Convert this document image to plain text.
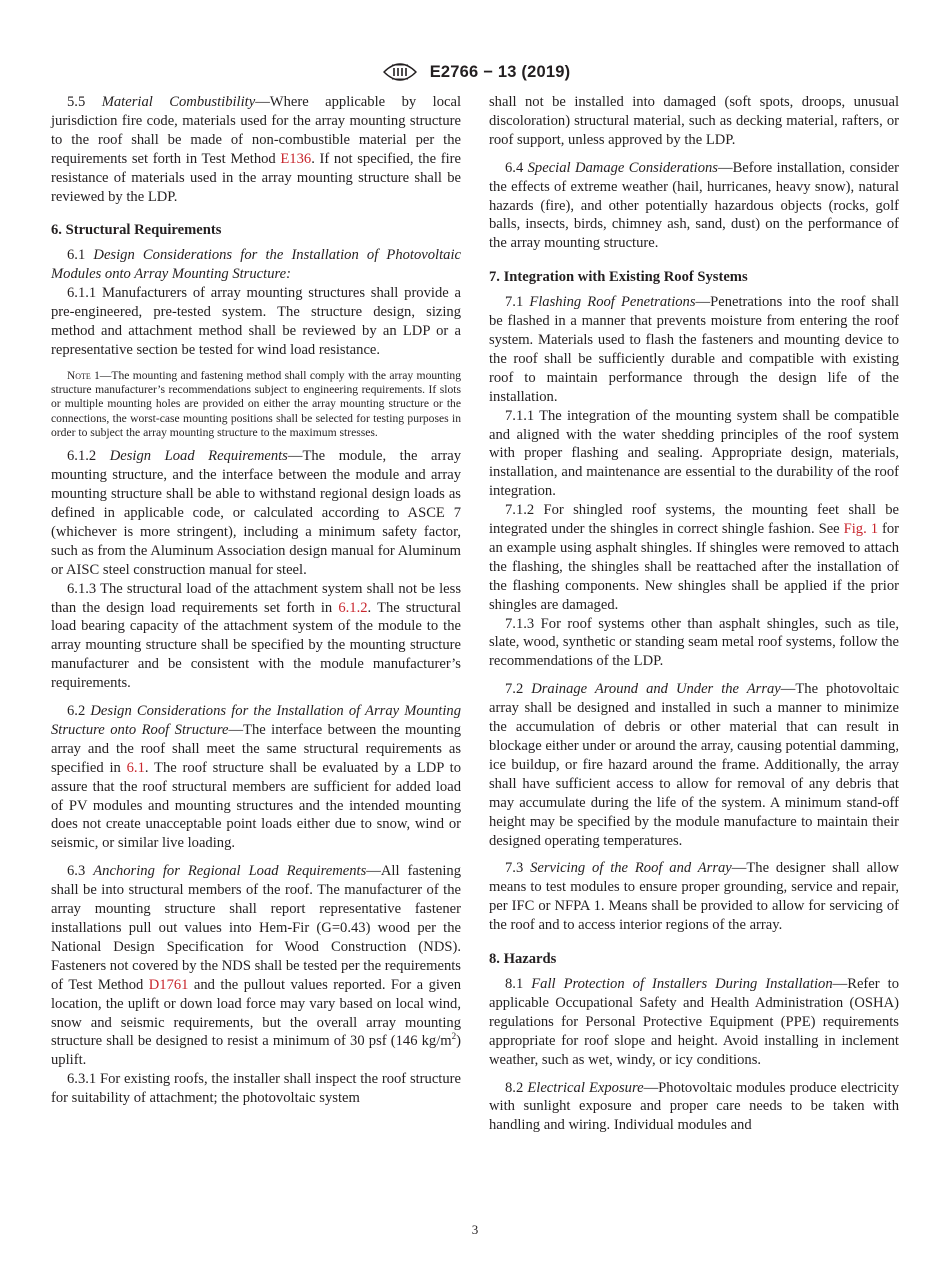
E2766 − 13 (2019)

5.5 Material Combustibility—Where applicable by local jurisdiction fire code, materials used for the array mounting structure to the roof shall be made of non-combustible material per the requirements set forth in Test Method E136. If not specified, the fire resistance of materials used in the array mounting structure shall be reviewed by the LDP.

6. Structural Requirements

6.1 Design Considerations for the Installation of Photovoltaic Modules onto Array Mounting Structure:

6.1.1 Manufacturers of array mounting structures shall provide a pre-engineered, pre-tested system. The structure design, sizing method and attachment method shall be reviewed by an LDP or a representative section be tested for wind load resistance.

Note 1—The mounting and fastening method shall comply with the array mounting structure manufacturer’s recommendations subject to engineering requirements. If slots or multiple mounting holes are provided on either the array mounting structure or the connections, the worst-case mounting positions shall be selected for testing purposes in order to subject the array mounting structure to the maximum stresses.

6.1.2 Design Load Requirements—The module, the array mounting structure, and the interface between the module and array mounting structure shall be able to withstand regional design loads as defined in applicable code, or calculated according to ASCE 7 (whichever is more stringent), including a minimum safety factor, such as from the Aluminum Association design manual for Aluminum or AISC steel construction manual for steel.

6.1.3 The structural load of the attachment system shall not be less than the design load requirements set forth in 6.1.2. The structural load bearing capacity of the attachment system of the module to the array mounting structure shall be specified by the mounting structure manufacturer and be consistent with the module manufacturer’s requirements.

6.2 Design Considerations for the Installation of Array Mounting Structure onto Roof Structure—The interface between the mounting array and the roof shall meet the same structural requirements as specified in 6.1. The roof structure shall be evaluated by a LDP to assure that the roof structural members are sufficient for added load of PV modules and mounting structures and the intended mounting does not create unacceptable point loads either due to snow, wind or seismic, or similar live loading.

6.3 Anchoring for Regional Load Requirements—All fastening shall be into structural members of the roof. The manufacturer of the array mounting structure shall report representative fastener installations pull out values into Hem-Fir (G=0.43) wood per the National Design Specification for Wood Construction (NDS). Fasteners not covered by the NDS shall be tested per the requirements of Test Method D1761 and the pullout values reported. For a given location, the uplift or down load force may vary based on local wind, snow and seismic requirements, but the overall array mounting structure shall be designed to resist a minimum of 30 psf (146 $kg/m^2$) uplift.

6.3.1 For existing roofs, the installer shall inspect the roof structure for suitability of attachment; the photovoltaic system

shall not be installed into damaged (soft spots, droops, unusual discoloration) structural material, such as decking material, rafters, or roof support, unless approved by the LDP.

6.4 Special Damage Considerations—Before installation, consider the effects of extreme weather (hail, hurricanes, heavy snow), natural hazards (fire), and other potentially hazardous objects (rocks, golf balls, insects, birds, chimney ash, sand, dust) on the performance of the array mounting structure.

7. Integration with Existing Roof Systems

7.1 Flashing Roof Penetrations—Penetrations into the roof shall be flashed in a manner that prevents moisture from entering the roof system. Materials used to flash the fasteners and mounting device to the roof shall be sufficiently durable and compatible with existing roof to maintain performance through the design life of the installation.

7.1.1 The integration of the mounting system shall be compatible and aligned with the water shedding principles of the roof system with proper flashing and sealing. Appropriate design, materials, installation, and maintenance are essential to the durability of the roof integration.

7.1.2 For shingled roof systems, the mounting feet shall be integrated under the shingles in correct shingle fashion. See Fig. 1 for an example using asphalt shingles. If shingles were removed to attach the flashing, the shingles shall be reattached after the installation of the flashing components. New shingles shall be applied if the prior shingles are damaged.

7.1.3 For roof systems other than asphalt shingles, such as tile, slate, wood, synthetic or standing seam metal roof systems, follow the recommendations of the LDP.

7.2 Drainage Around and Under the Array—The photovoltaic array shall be designed and installed in such a manner to minimize the accumulation of debris or other material that can result in blockage either under or around the array, causing potential damming, ice buildup, or fire hazard around the frame. Additionally, the array shall have sufficient access to allow for removal of any debris that may accumulate during the life of the system. A minimum stand-off height may be specified by the module manufacture to maintain their designed operating temperatures.

7.3 Servicing of the Roof and Array—The designer shall allow means to test modules to ensure proper grounding, service and repair, per IFC or NFPA 1. Means shall be provided to allow for servicing of the roof and to access interior regions of the array.

8. Hazards

8.1 Fall Protection of Installers During Installation—Refer to applicable Occupational Safety and Health Administration (OSHA) regulations for Personal Protective Equipment (PPE) requirements appropriate for roof slope and height. Avoid installing in inclement weather, such as wet, windy, or icy conditions.

8.2 Electrical Exposure—Photovoltaic modules produce electricity with sunlight exposure and proper care needs to be taken with handling and wiring. Individual modules and

3
